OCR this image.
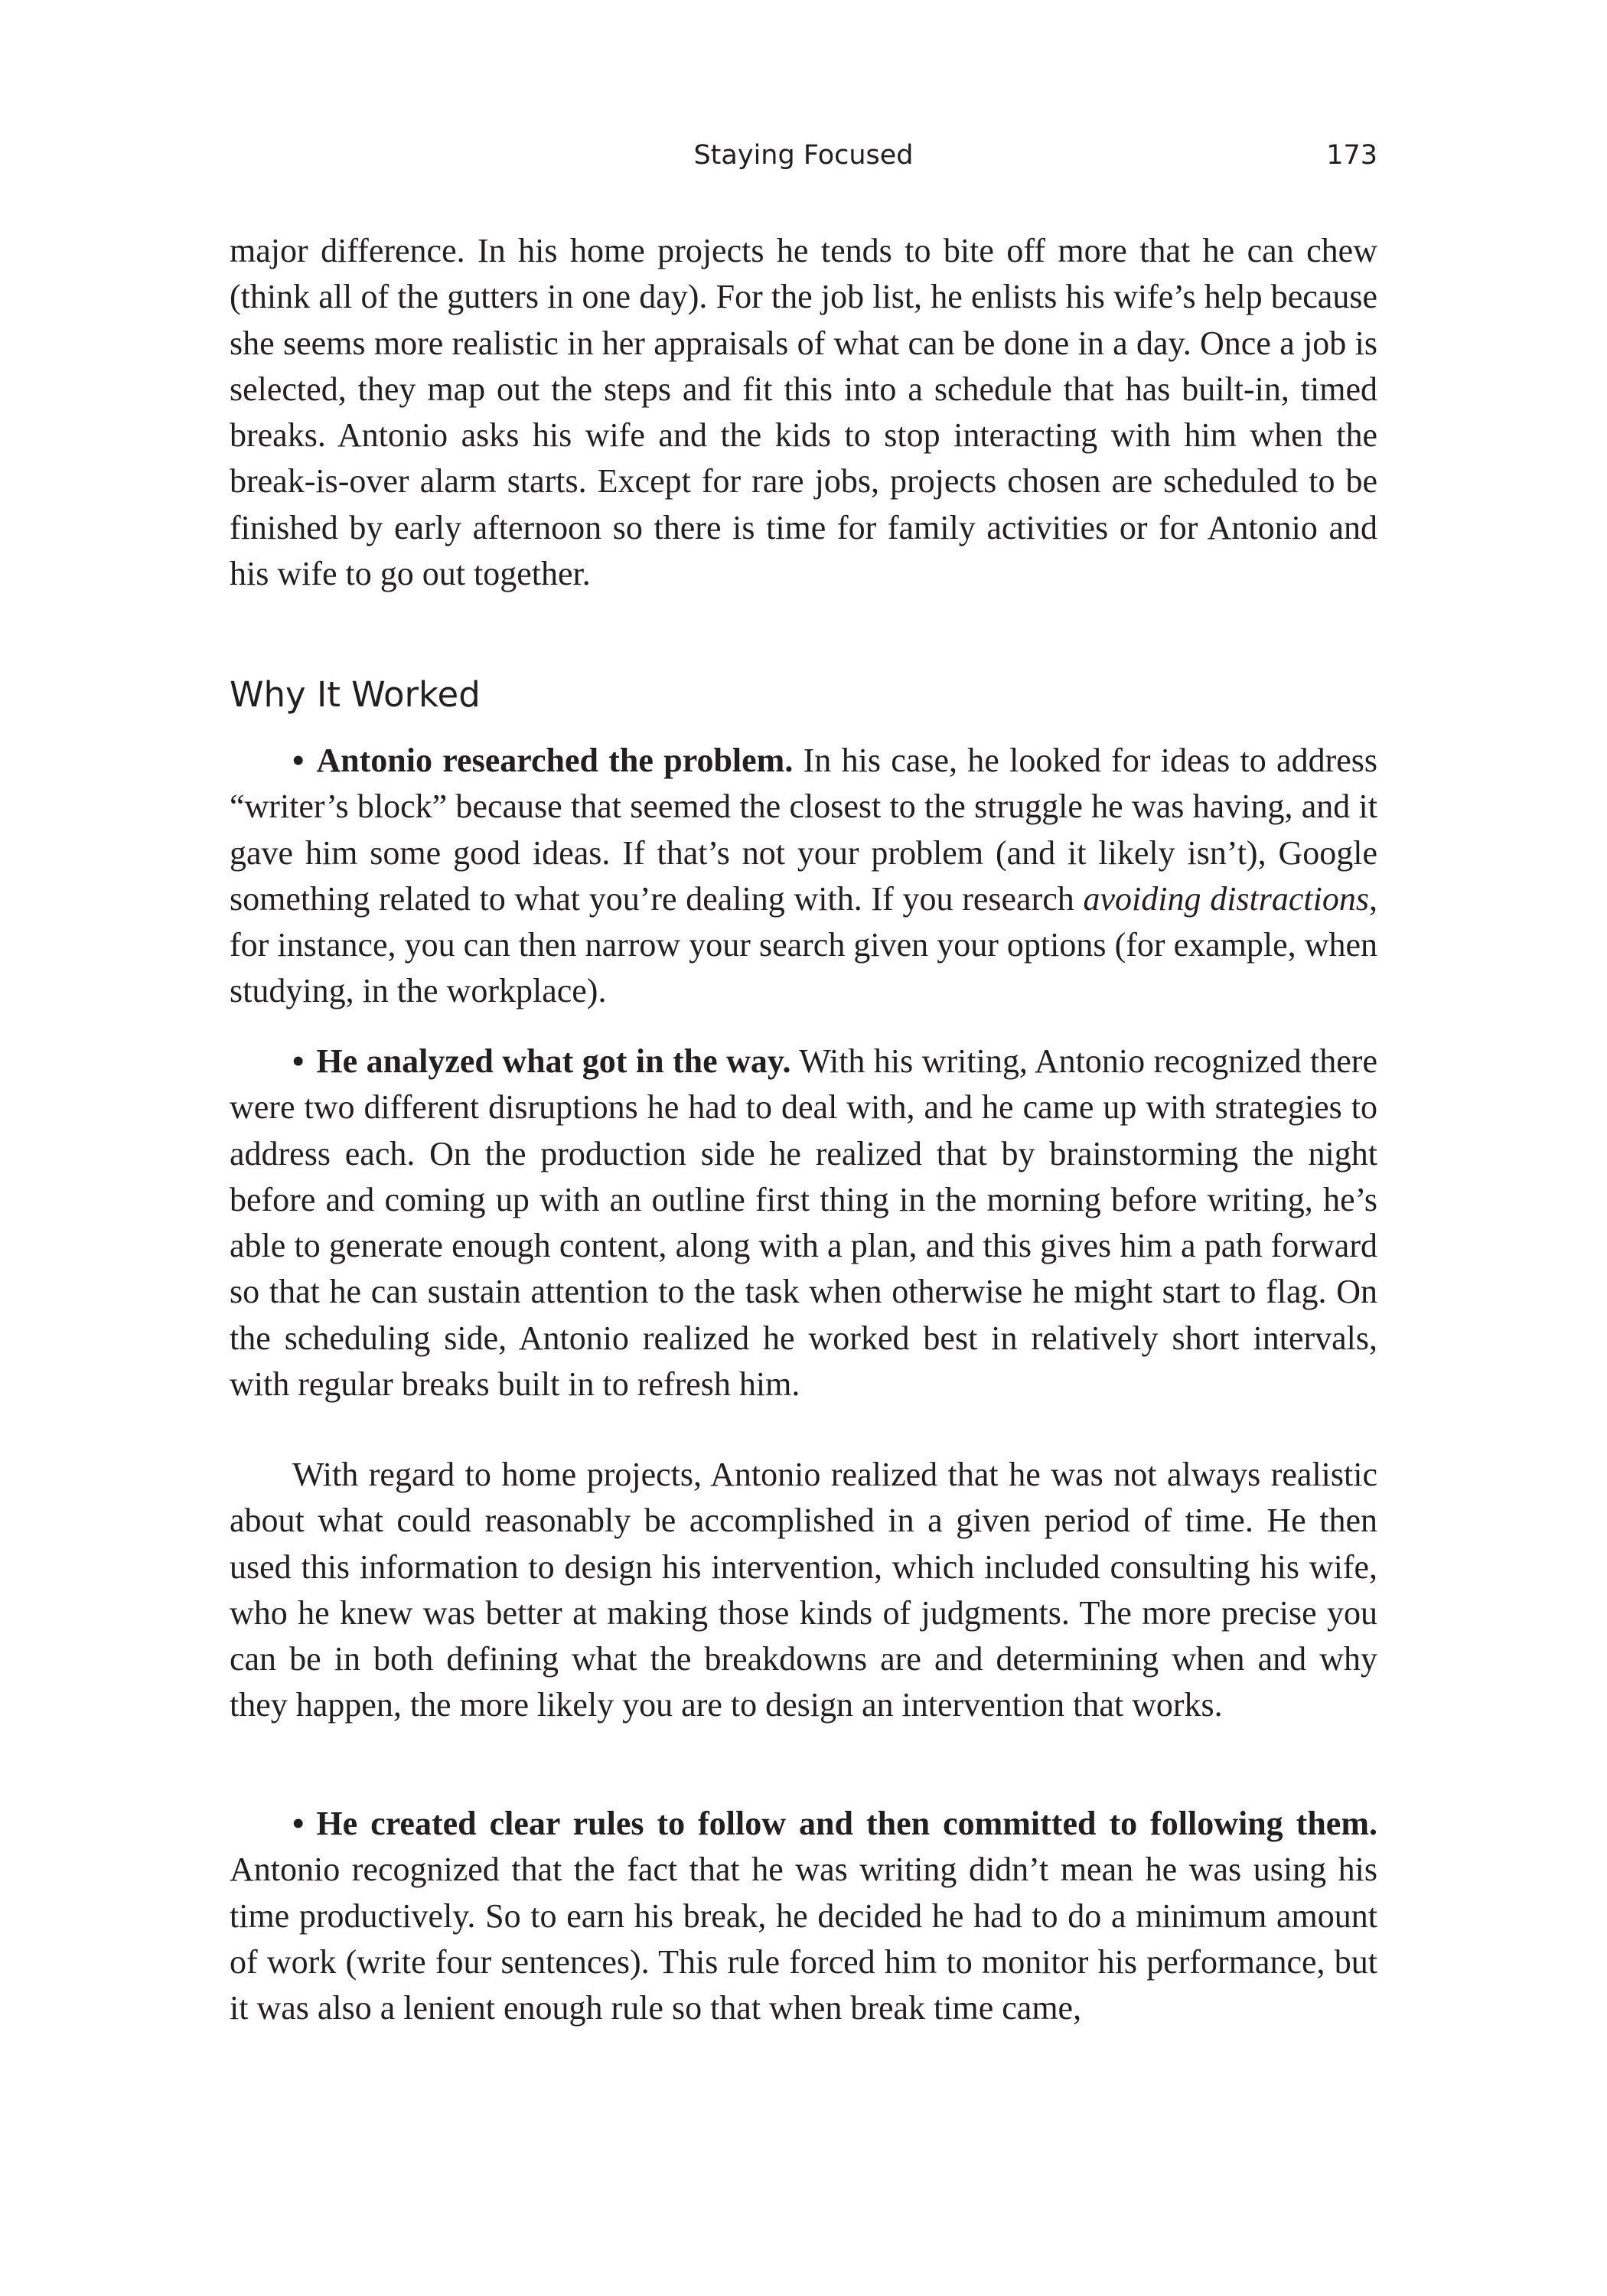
Staying Focused	173

major difference. In his home projects he tends to bite off more that he can chew (think all of the gutters in one day). For the job list, he enlists his wife’s help because she seems more realistic in her appraisals of what can be done in a day. Once a job is selected, they map out the steps and fit this into a schedule that has built-in, timed breaks. Antonio asks his wife and the kids to stop interacting with him when the break-is-over alarm starts. Except for rare jobs, projects chosen are scheduled to be finished by early afternoon so there is time for family activities or for Antonio and his wife to go out together.

Why It Worked

• Antonio researched the problem. In his case, he looked for ideas to address “writer’s block” because that seemed the closest to the struggle he was having, and it gave him some good ideas. If that’s not your problem (and it likely isn’t), Google something related to what you’re dealing with. If you research avoiding distractions, for instance, you can then narrow your search given your options (for example, when studying, in the workplace).

• He analyzed what got in the way. With his writing, Antonio recognized there were two different disruptions he had to deal with, and he came up with strategies to address each. On the production side he realized that by brainstorming the night before and coming up with an outline first thing in the morning before writing, he’s able to generate enough content, along with a plan, and this gives him a path forward so that he can sustain attention to the task when otherwise he might start to flag. On the scheduling side, Antonio realized he worked best in relatively short intervals, with regular breaks built in to refresh him.

With regard to home projects, Antonio realized that he was not always realistic about what could reasonably be accomplished in a given period of time. He then used this information to design his intervention, which included consulting his wife, who he knew was better at making those kinds of judgments. The more precise you can be in both defining what the breakdowns are and determining when and why they happen, the more likely you are to design an intervention that works.

• He created clear rules to follow and then committed to following them. Antonio recognized that the fact that he was writing didn’t mean he was using his time productively. So to earn his break, he decided he had to do a minimum amount of work (write four sentences). This rule forced him to monitor his performance, but it was also a lenient enough rule so that when break time came,
